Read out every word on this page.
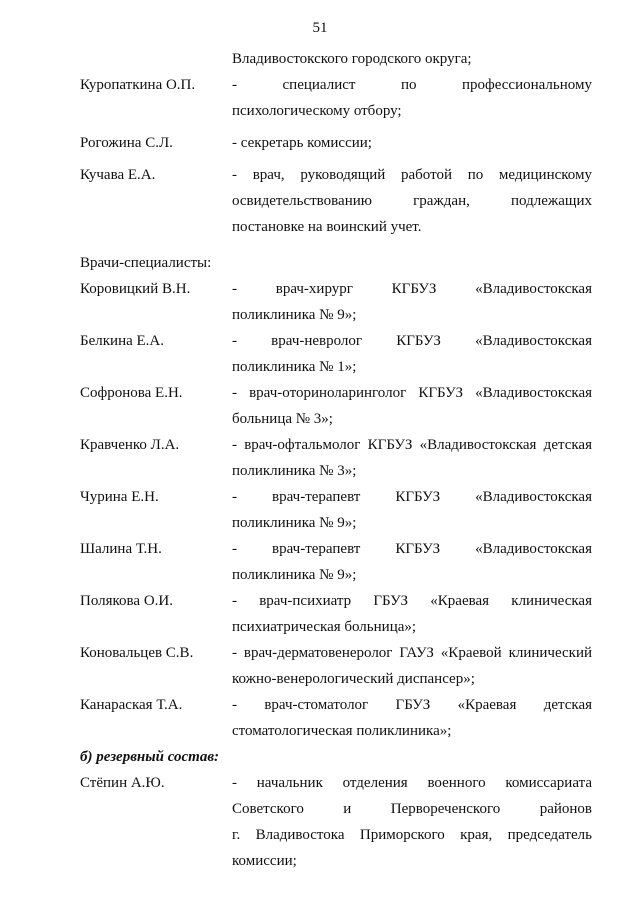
51
Владивостокского городского округа;
Куропаткина О.П.	- специалист по профессиональному
психологическому отбору;
Рогожина С.Л.	- секретарь комиссии;
Кучава Е.А.	- врач, руководящий работой по медицинскому
освидетельствованию граждан, подлежащих
постановке на воинский учет.
Врачи-специалисты:
Коровицкий В.Н.	- врач-хирург КГБУЗ «Владивостокская
поликлиника № 9»;
Белкина Е.А.	- врач-невролог КГБУЗ «Владивостокская
поликлиника № 1»;
Софронова Е.Н.	- врач-оториноларинголог КГБУЗ «Владивостокская
больница № 3»;
Кравченко Л.А.	- врач-офтальмолог КГБУЗ «Владивостокская детская
поликлиника № 3»;
Чурина Е.Н.	- врач-терапевт КГБУЗ «Владивостокская
поликлиника № 9»;
Шалина Т.Н.	- врач-терапевт КГБУЗ «Владивостокская
поликлиника № 9»;
Полякова О.И.	- врач-психиатр ГБУЗ «Краевая клиническая
психиатрическая больница»;
Коновальцев С.В.	- врач-дерматовенеролог ГАУЗ «Краевой клинический
кожно-венерологический диспансер»;
Канараская Т.А.	- врач-стоматолог ГБУЗ «Краевая детская
стоматологическая поликлиника»;
б) резервный состав:
Стёпин А.Ю.	- начальник отделения военного комиссариата
Советского и Первореченского районов
г. Владивостока Приморского края, председатель
комиссии;
